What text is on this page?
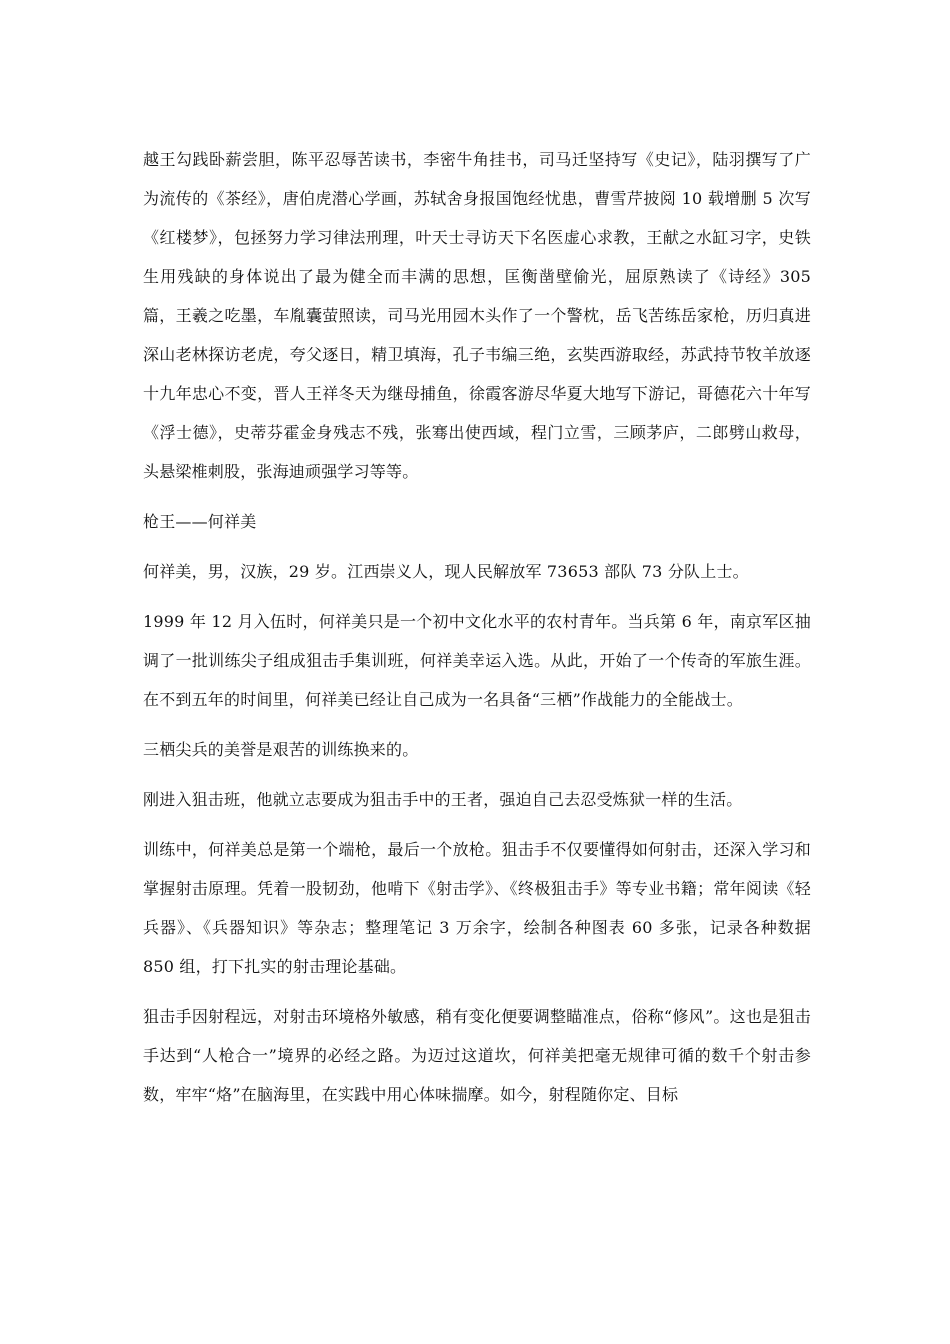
越王勾践卧薪尝胆，陈平忍辱苦读书，李密牛角挂书，司马迁坚持写《史记》，陆羽撰写了广为流传的《茶经》，唐伯虎潜心学画，苏轼舍身报国饱经忧患，曹雪芹披阅 10 载增删 5 次写《红楼梦》，包拯努力学习律法刑理，叶天士寻访天下名医虚心求教，王献之水缸习字，史铁生用残缺的身体说出了最为健全而丰满的思想，匡衡凿壁偷光，屈原熟读了《诗经》305 篇，王羲之吃墨，车胤囊萤照读，司马光用园木头作了一个警枕，岳飞苦练岳家枪，历归真进深山老林探访老虎，夸父逐日，精卫填海，孔子韦编三绝，玄奘西游取经，苏武持节牧羊放逐十九年忠心不变，晋人王祥冬天为继母捕鱼，徐霞客游尽华夏大地写下游记，哥德花六十年写《浮士德》，史蒂芬霍金身残志不残，张骞出使西域，程门立雪，三顾茅庐，二郎劈山救母，头悬梁椎刺股，张海迪顽强学习等等。

枪王——何祥美

何祥美，男，汉族，29 岁。江西崇义人，现人民解放军 73653 部队 73 分队上士。

1999 年 12 月入伍时，何祥美只是一个初中文化水平的农村青年。当兵第 6 年，南京军区抽调了一批训练尖子组成狙击手集训班，何祥美幸运入选。从此，开始了一个传奇的军旅生涯。在不到五年的时间里，何祥美已经让自己成为一名具备“三栖”作战能力的全能战士。

三栖尖兵的美誉是艰苦的训练换来的。

刚进入狙击班，他就立志要成为狙击手中的王者，强迫自己去忍受炼狱一样的生活。

训练中，何祥美总是第一个端枪，最后一个放枪。狙击手不仅要懂得如何射击，还深入学习和掌握射击原理。凭着一股韧劲，他啃下《射击学》、《终极狙击手》等专业书籍；常年阅读《轻兵器》、《兵器知识》等杂志；整理笔记 3 万余字，绘制各种图表 60 多张，记录各种数据 850 组，打下扎实的射击理论基础。

狙击手因射程远，对射击环境格外敏感，稍有变化便要调整瞄准点，俗称“修风”。这也是狙击手达到“人枪合一”境界的必经之路。为迈过这道坎，何祥美把毫无规律可循的数千个射击参数，牢牢“烙”在脑海里，在实践中用心体味揣摩。如今，射程随你定、目标
